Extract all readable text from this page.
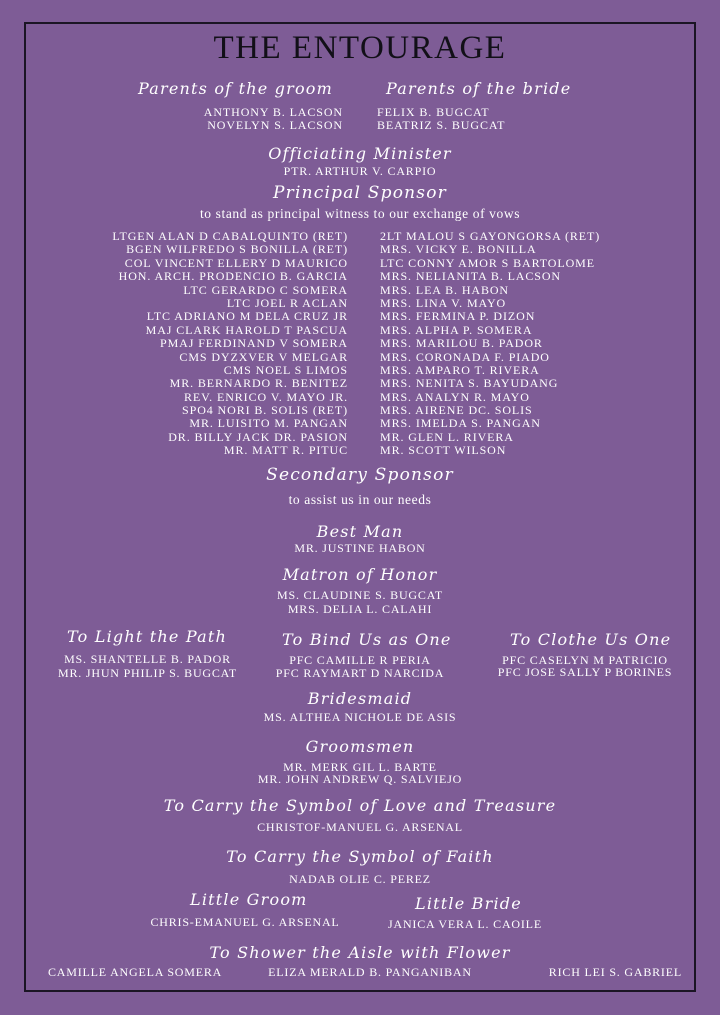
THE ENTOURAGE
Parents of the groom	Parents of the bride
ANTHONY B. LACSON
NOVELYN S. LACSON
FELIX B. BUGCAT
BEATRIZ S. BUGCAT
Officiating Minister
PTR. ARTHUR V. CARPIO
Principal Sponsor
to stand as principal witness to our exchange of vows
LTGEN ALAN D CABALQUINTO (RET)
BGEN WILFREDO S BONILLA (RET)
COL VINCENT ELLERY D MAURICO
HON. ARCH. PRODENCIO B. GARCIA
LTC GERARDO C SOMERA
LTC JOEL R ACLAN
LTC ADRIANO M DELA CRUZ JR
MAJ CLARK HAROLD T PASCUA
PMAJ FERDINAND V SOMERA
CMS DYZXVER V MELGAR
CMS NOEL S LIMOS
MR. BERNARDO R. BENITEZ
REV. ENRICO V. MAYO JR.
SPO4 NORI B. SOLIS (RET)
MR. LUISITO M. PANGAN
DR. BILLY JACK DR. PASION
MR. MATT R. PITUC
2LT MALOU S GAYONGORSA (RET)
MRS. VICKY E. BONILLA
LTC CONNY AMOR S BARTOLOME
MRS. NELIANITA B. LACSON
MRS. LEA B. HABON
MRS. LINA V. MAYO
MRS. FERMINA P. DIZON
MRS. ALPHA P. SOMERA
MRS. MARILOU B. PADOR
MRS. CORONADA F. PIADO
MRS. AMPARO T. RIVERA
MRS. NENITA S. BAYUDANG
MRS. ANALYN R. MAYO
MRS. AIRENE DC. SOLIS
MRS. IMELDA S. PANGAN
MR. GLEN L. RIVERA
MR. SCOTT WILSON
Secondary Sponsor
to assist us in our needs
Best Man
MR. JUSTINE HABON
Matron of Honor
MS. CLAUDINE S. BUGCAT
MRS. DELIA L. CALAHI
To Light the Path
MS. SHANTELLE B. PADOR
MR. JHUN PHILIP S. BUGCAT
To Bind Us as One
PFC CAMILLE R PERIA
PFC RAYMART D NARCIDA
To Clothe Us One
PFC CASELYN M PATRICIO
PFC JOSE SALLY P BORINES
Bridesmaid
MS. ALTHEA NICHOLE DE ASIS
Groomsmen
MR. MERK GIL L. BARTE
MR. JOHN ANDREW Q. SALVIEJO
To Carry the Symbol of Love and Treasure
CHRISTOF-MANUEL G. ARSENAL
To Carry the Symbol of Faith
NADAB OLIE C. PEREZ
Little Groom
CHRIS-EMANUEL G. ARSENAL
Little Bride
JANICA VERA L. CAOILE
To Shower the Aisle with Flower
CAMILLE ANGELA SOMERA	ELIZA MERALD B. PANGANIBAN	RICH LEI S. GABRIEL
